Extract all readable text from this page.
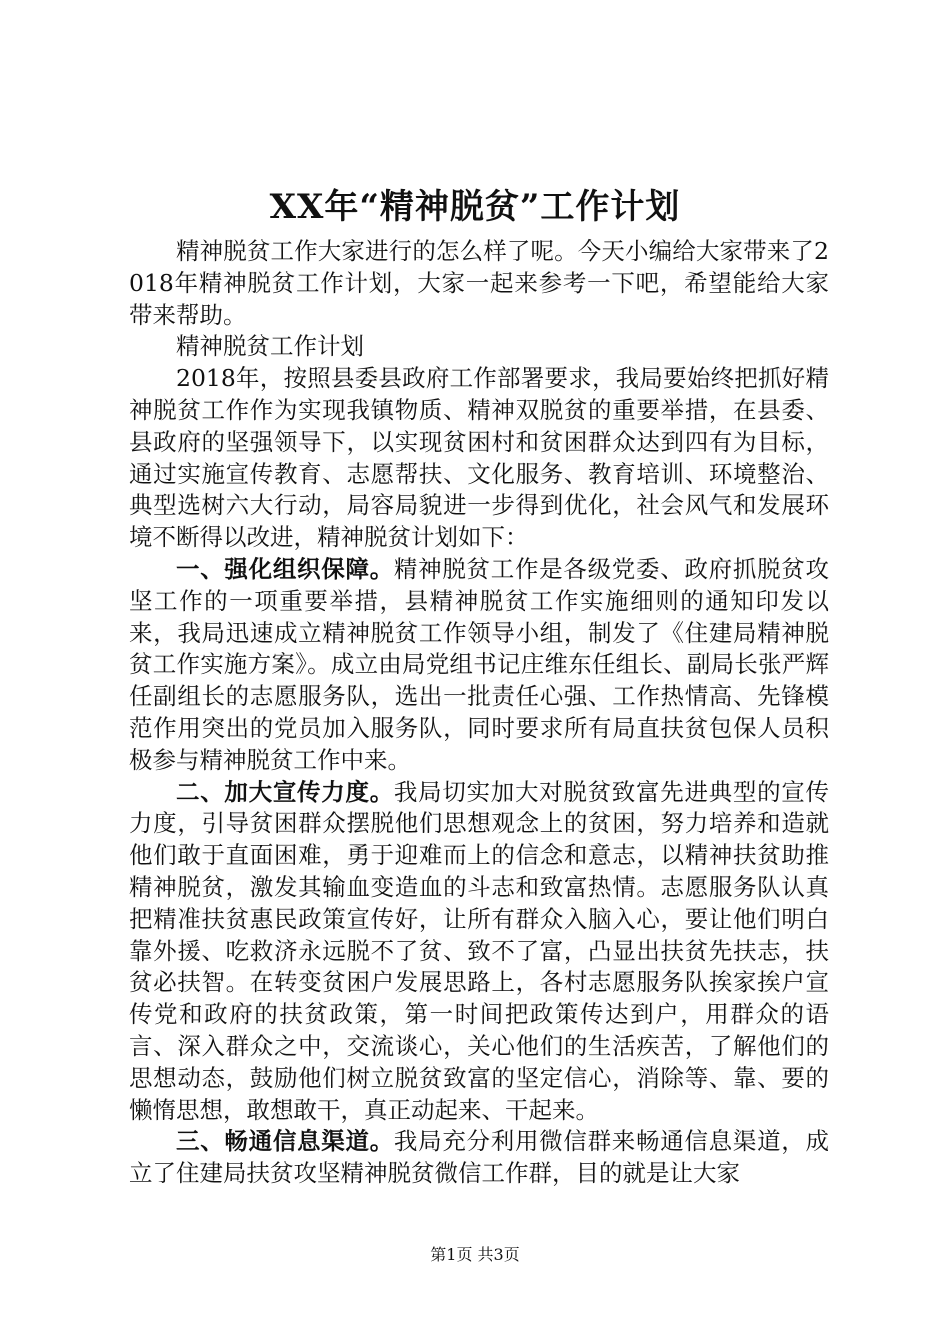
XX年“精神脱贫”工作计划

精神脱贫工作大家进行的怎么样了呢。今天小编给大家带来了2018年精神脱贫工作计划，大家一起来参考一下吧，希望能给大家带来帮助。

精神脱贫工作计划

2018年，按照县委县政府工作部署要求，我局要始终把抓好精神脱贫工作作为实现我镇物质、精神双脱贫的重要举措，在县委、县政府的坚强领导下，以实现贫困村和贫困群众达到四有为目标，通过实施宣传教育、志愿帮扶、文化服务、教育培训、环境整治、典型选树六大行动，局容局貌进一步得到优化，社会风气和发展环境不断得以改进，精神脱贫计划如下：

一、强化组织保障。精神脱贫工作是各级党委、政府抓脱贫攻坚工作的一项重要举措，县精神脱贫工作实施细则的通知印发以来，我局迅速成立精神脱贫工作领导小组，制发了《住建局精神脱贫工作实施方案》。成立由局党组书记庄维东任组长、副局长张严辉任副组长的志愿服务队，选出一批责任心强、工作热情高、先锋模范作用突出的党员加入服务队，同时要求所有局直扶贫包保人员积极参与精神脱贫工作中来。

二、加大宣传力度。我局切实加大对脱贫致富先进典型的宣传力度，引导贫困群众摆脱他们思想观念上的贫困，努力培养和造就他们敢于直面困难，勇于迎难而上的信念和意志，以精神扶贫助推精神脱贫，激发其输血变造血的斗志和致富热情。志愿服务队认真把精准扶贫惠民政策宣传好，让所有群众入脑入心，要让他们明白靠外援、吃救济永远脱不了贫、致不了富，凸显出扶贫先扶志，扶贫必扶智。在转变贫困户发展思路上，各村志愿服务队挨家挨户宣传党和政府的扶贫政策，第一时间把政策传达到户，用群众的语言、深入群众之中，交流谈心，关心他们的生活疾苦，了解他们的思想动态，鼓励他们树立脱贫致富的坚定信心，消除等、靠、要的懒惰思想，敢想敢干，真正动起来、干起来。

三、畅通信息渠道。我局充分利用微信群来畅通信息渠道，成立了住建局扶贫攻坚精神脱贫微信工作群，目的就是让大家

第1页 共3页
